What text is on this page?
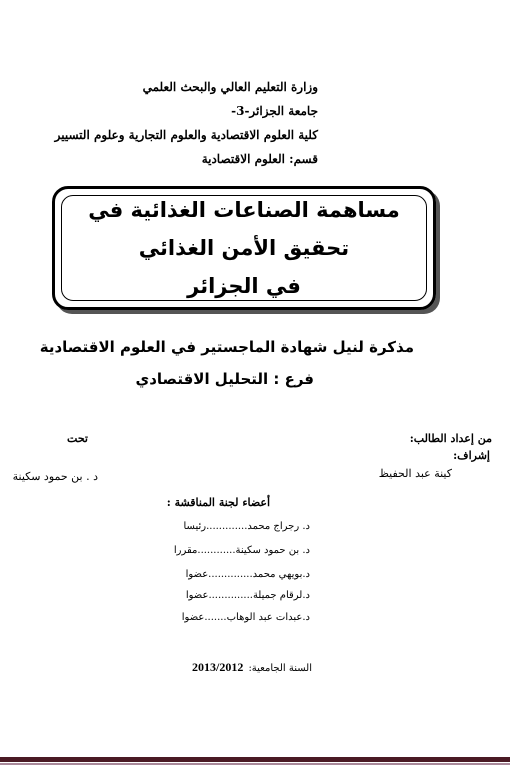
وزارة التعليم العالي والبحث العلمي
جامعة الجزائر-3-
كلية العلوم الاقتصادية والعلوم التجارية وعلوم التسيير
قسم: العلوم الاقتصادية
مساهمة الصناعات الغذائية في تحقيق الأمن الغذائي
في الجزائر
مذكرة لنيل شهادة الماجستير في العلوم الاقتصادية
فرع : التحليل الاقتصادي
من إعداد الطالب:
إشراف:
كينة عبد الحفيظ
تحت
د . بن حمود سكينة
أعضاء لجنة المناقشة :
د. رجراج محمد.............رئيسا
د. بن حمود سكينة............مقررا
د.بويهي محمد..............عضوا
د.لرقام جميلة..............عضوا
د.عبدات عبد الوهاب.......عضوا
السنة الجامعية: 2013/2012
